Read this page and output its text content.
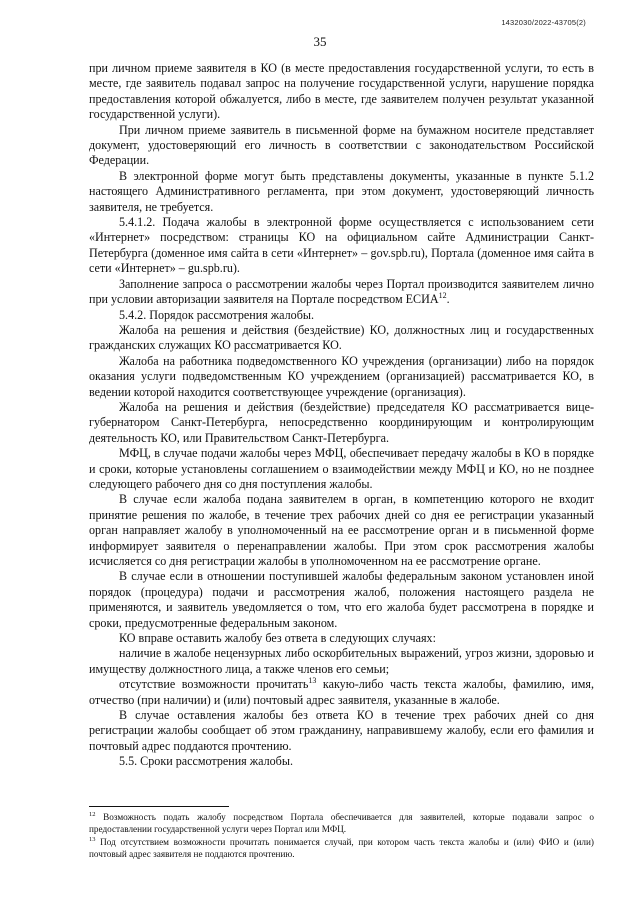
1432030/2022-43705(2)
35

при личном приеме заявителя в КО (в месте предоставления государственной услуги, то есть в месте, где заявитель подавал запрос на получение государственной услуги, нарушение порядка предоставления которой обжалуется, либо в месте, где заявителем получен результат указанной государственной услуги).

При личном приеме заявитель в письменной форме на бумажном носителе представляет документ, удостоверяющий его личность в соответствии с законодательством Российской Федерации.

В электронной форме могут быть представлены документы, указанные в пункте 5.1.2 настоящего Административного регламента, при этом документ, удостоверяющий личность заявителя, не требуется.

5.4.1.2. Подача жалобы в электронной форме осуществляется с использованием сети «Интернет» посредством: страницы КО на официальном сайте Администрации Санкт-Петербурга (доменное имя сайта в сети «Интернет» – gov.spb.ru), Портала (доменное имя сайта в сети «Интернет» – gu.spb.ru).

Заполнение запроса о рассмотрении жалобы через Портал производится заявителем лично при условии авторизации заявителя на Портале посредством ЕСИА$^{12}$.

5.4.2. Порядок рассмотрения жалобы.

Жалоба на решения и действия (бездействие) КО, должностных лиц и государственных гражданских служащих КО рассматривается КО.

Жалоба на работника подведомственного КО учреждения (организации) либо на порядок оказания услуги подведомственным КО учреждением (организацией) рассматривается КО, в ведении которой находится соответствующее учреждение (организация).

Жалоба на решения и действия (бездействие) председателя КО рассматривается вице-губернатором Санкт-Петербурга, непосредственно координирующим и контролирующим деятельность КО, или Правительством Санкт-Петербурга.

МФЦ, в случае подачи жалобы через МФЦ, обеспечивает передачу жалобы в КО в порядке и сроки, которые установлены соглашением о взаимодействии между МФЦ и КО, но не позднее следующего рабочего дня со дня поступления жалобы.

В случае если жалоба подана заявителем в орган, в компетенцию которого не входит принятие решения по жалобе, в течение трех рабочих дней со дня ее регистрации указанный орган направляет жалобу в уполномоченный на ее рассмотрение орган и в письменной форме информирует заявителя о перенаправлении жалобы. При этом срок рассмотрения жалобы исчисляется со дня регистрации жалобы в уполномоченном на ее рассмотрение органе.

В случае если в отношении поступившей жалобы федеральным законом установлен иной порядок (процедура) подачи и рассмотрения жалоб, положения настоящего раздела не применяются, и заявитель уведомляется о том, что его жалоба будет рассмотрена в порядке и сроки, предусмотренные федеральным законом.

КО вправе оставить жалобу без ответа в следующих случаях:

наличие в жалобе нецензурных либо оскорбительных выражений, угроз жизни, здоровью и имуществу должностного лица, а также членов его семьи;

отсутствие возможности прочитать$^{13}$ какую-либо часть текста жалобы, фамилию, имя, отчество (при наличии) и (или) почтовый адрес заявителя, указанные в жалобе.

В случае оставления жалобы без ответа КО в течение трех рабочих дней со дня регистрации жалобы сообщает об этом гражданину, направившему жалобу, если его фамилия и почтовый адрес поддаются прочтению.

5.5. Сроки рассмотрения жалобы.

$^{12}$ Возможность подать жалобу посредством Портала обеспечивается для заявителей, которые подавали запрос о предоставлении государственной услуги через Портал или МФЦ.
$^{13}$ Под отсутствием возможности прочитать понимается случай, при котором часть текста жалобы и (или) ФИО и (или) почтовый адрес заявителя не поддаются прочтению.
